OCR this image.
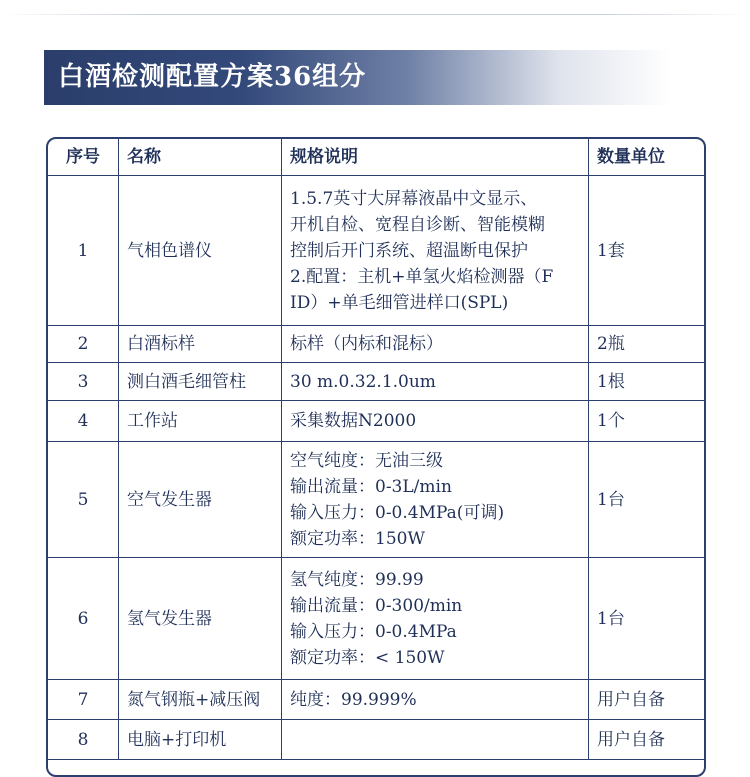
白酒检测配置方案36组分
序号	名称	规格说明	数量单位
1	气相色谱仪	1.5.7英寸大屏幕液晶中文显示、
开机自检、宽程自诊断、智能模糊
控制后开门系统、超温断电保护
2.配置：主机+单氢火焰检测器（F
ID）+单毛细管进样口(SPL)	1套
2	白酒标样	标样（内标和混标）	2瓶
3	测白酒毛细管柱	30 m.0.32.1.0um	1根
4	工作站	采集数据N2000	1个
5	空气发生器	空气纯度：无油三级
输出流量：0-3L/min
输入压力：0-0.4MPa(可调)
额定功率：150W	1台
6	氢气发生器	氢气纯度：99.99
输出流量：0-300/min
输入压力：0-0.4MPa
额定功率：< 150W	1台
7	氮气钢瓶+减压阀	纯度：99.999%	用户自备
8	电脑+打印机		用户自备
